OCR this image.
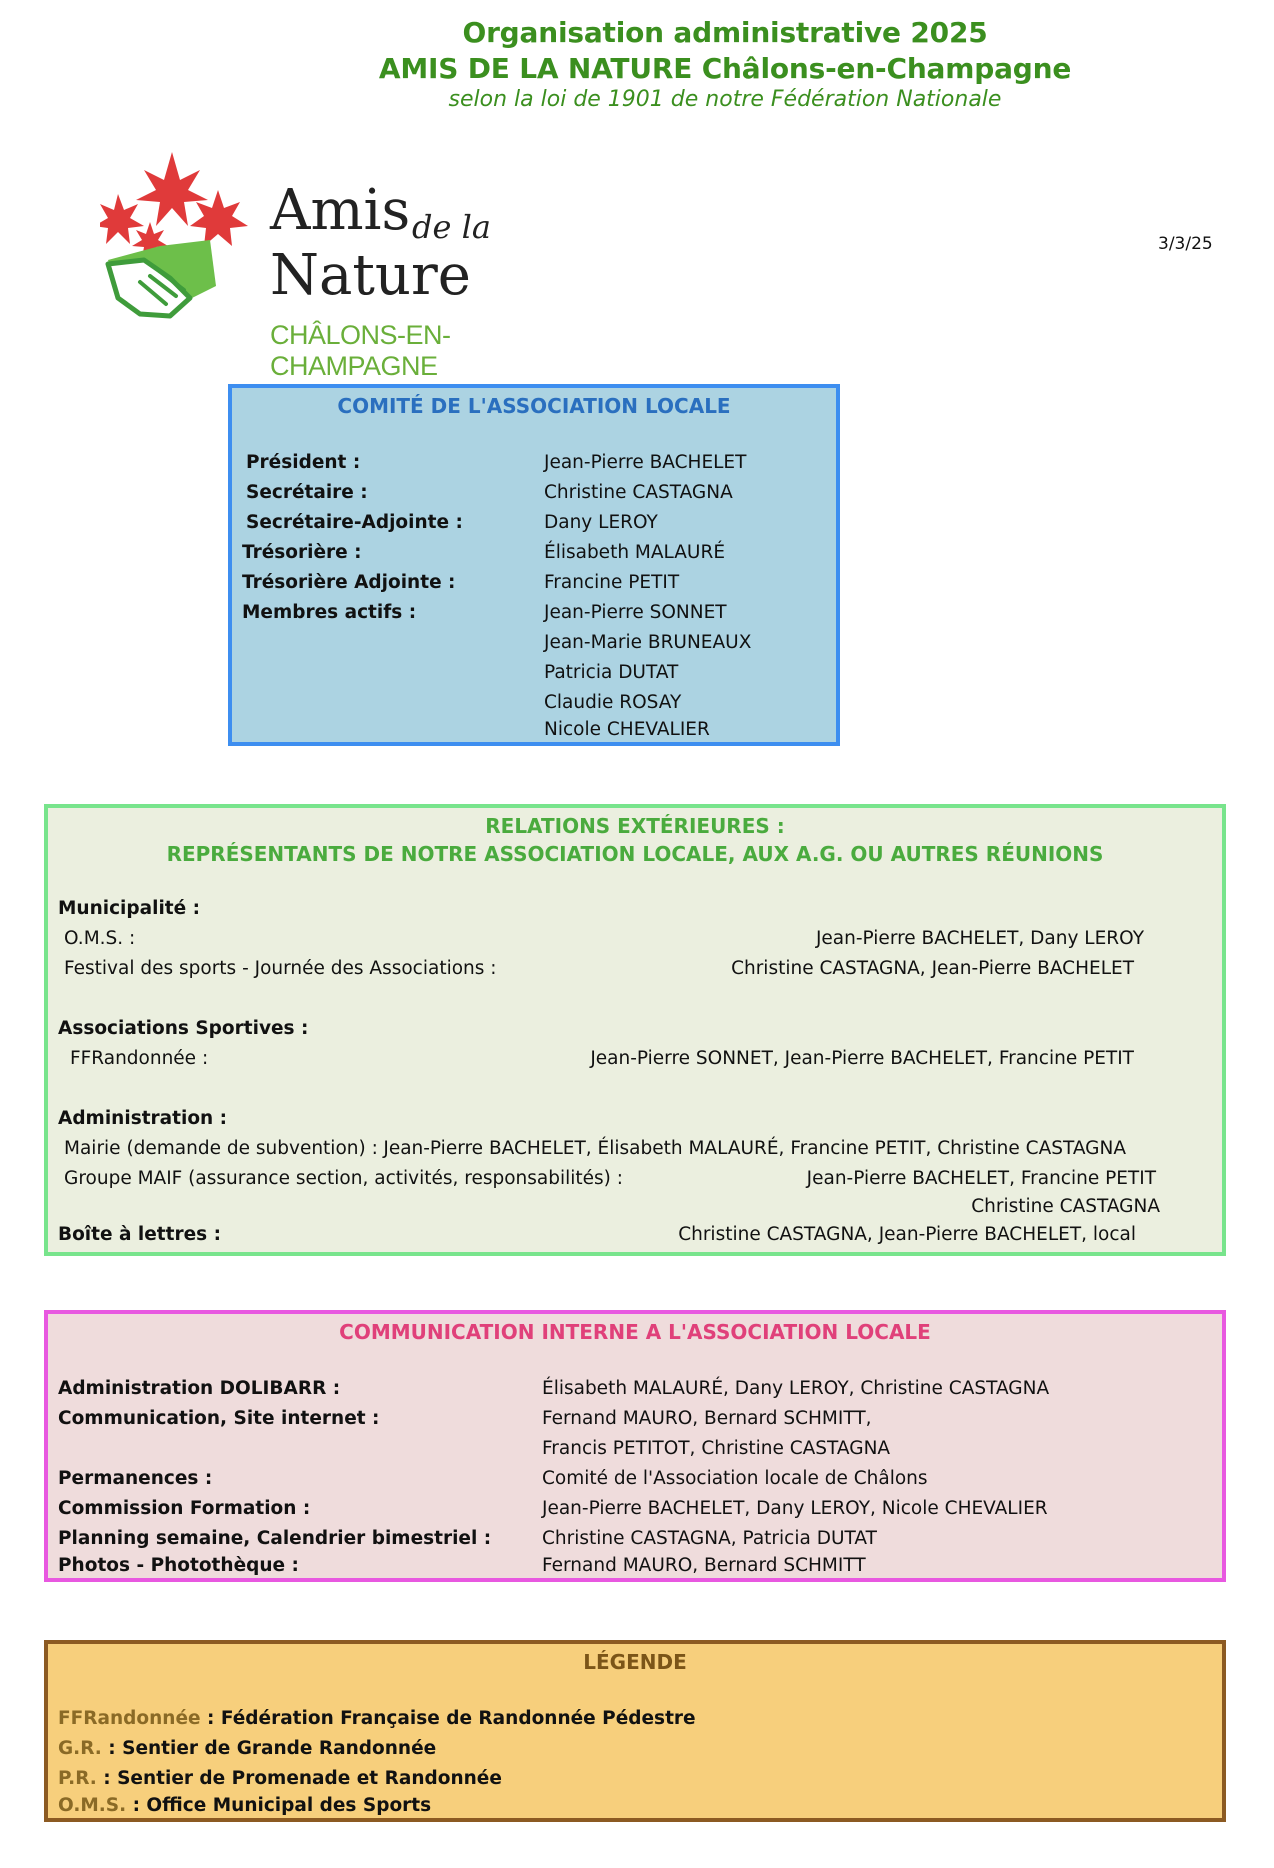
Organisation administrative 2025
AMIS DE LA NATURE Châlons-en-Champagne
selon la loi de 1901 de notre Fédération Nationale
3/3/25
Amis de la
Nature
CHÂLONS-EN-CHAMPAGNE
COMITÉ DE L'ASSOCIATION LOCALE
Président :	Jean-Pierre BACHELET
Secrétaire :	Christine CASTAGNA
Secrétaire-Adjointe :	Dany LEROY
Trésorière :	Élisabeth MALAURÉ
Trésorière Adjointe :	Francine PETIT
Membres actifs :	Jean-Pierre SONNET
Jean-Marie BRUNEAUX
Patricia DUTAT
Claudie ROSAY
Nicole CHEVALIER
RELATIONS EXTÉRIEURES :
REPRÉSENTANTS DE NOTRE ASSOCIATION LOCALE, AUX A.G. OU AUTRES RÉUNIONS
Municipalité :
O.M.S. :	Jean-Pierre BACHELET, Dany LEROY
Festival des sports - Journée des Associations :	Christine CASTAGNA, Jean-Pierre BACHELET
Associations Sportives :
FFRandonnée :	Jean-Pierre SONNET, Jean-Pierre BACHELET, Francine PETIT
Administration :
Mairie (demande de subvention) : Jean-Pierre BACHELET, Élisabeth MALAURÉ, Francine PETIT, Christine CASTAGNA
Groupe MAIF (assurance section, activités, responsabilités) :	Jean-Pierre BACHELET, Francine PETIT
Christine CASTAGNA
Boîte à lettres :	Christine CASTAGNA, Jean-Pierre BACHELET, local
COMMUNICATION INTERNE A L'ASSOCIATION LOCALE
Administration DOLIBARR :	Élisabeth MALAURÉ, Dany LEROY, Christine CASTAGNA
Communication, Site internet :	Fernand MAURO, Bernard SCHMITT,
Francis PETITOT, Christine CASTAGNA
Permanences :	Comité de l'Association locale de Châlons
Commission Formation :	Jean-Pierre BACHELET, Dany LEROY, Nicole CHEVALIER
Planning semaine, Calendrier bimestriel :	Christine CASTAGNA, Patricia DUTAT
Photos - Photothèque :	Fernand MAURO, Bernard SCHMITT
LÉGENDE
FFRandonnée : Fédération Française de Randonnée Pédestre
G.R. : Sentier de Grande Randonnée
P.R. : Sentier de Promenade et Randonnée
O.M.S. : Office Municipal des Sports
